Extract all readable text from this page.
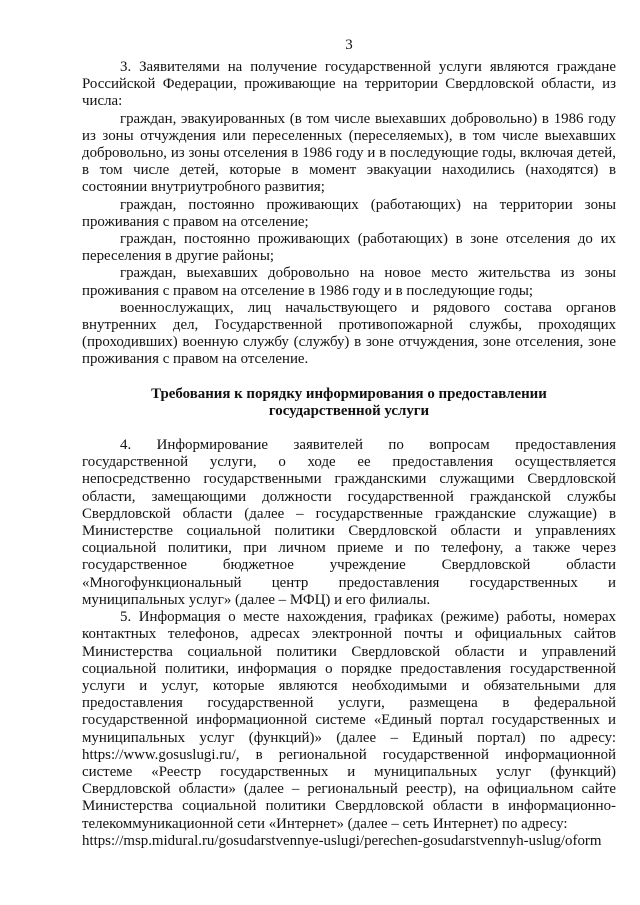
3

3. Заявителями на получение государственной услуги являются граждане Российской Федерации, проживающие на территории Свердловской области, из числа:

граждан, эвакуированных (в том числе выехавших добровольно) в 1986 году из зоны отчуждения или переселенных (переселяемых), в том числе выехавших добровольно, из зоны отселения в 1986 году и в последующие годы, включая детей, в том числе детей, которые в момент эвакуации находились (находятся) в состоянии внутриутробного развития;

граждан, постоянно проживающих (работающих) на территории зоны проживания с правом на отселение;

граждан, постоянно проживающих (работающих) в зоне отселения до их переселения в другие районы;

граждан, выехавших добровольно на новое место жительства из зоны проживания с правом на отселение в 1986 году и в последующие годы;

военнослужащих, лиц начальствующего и рядового состава органов внутренних дел, Государственной противопожарной службы, проходящих (проходивших) военную службу (службу) в зоне отчуждения, зоне отселения, зоне проживания с правом на отселение.

Требования к порядку информирования о предоставлении государственной услуги

4. Информирование заявителей по вопросам предоставления государственной услуги, о ходе ее предоставления осуществляется непосредственно государственными гражданскими служащими Свердловской области, замещающими должности государственной гражданской службы Свердловской области (далее – государственные гражданские служащие) в Министерстве социальной политики Свердловской области и управлениях социальной политики, при личном приеме и по телефону, а также через государственное бюджетное учреждение Свердловской области «Многофункциональный центр предоставления государственных и муниципальных услуг» (далее – МФЦ) и его филиалы.

5. Информация о месте нахождения, графиках (режиме) работы, номерах контактных телефонов, адресах электронной почты и официальных сайтов Министерства социальной политики Свердловской области и управлений социальной политики, информация о порядке предоставления государственной услуги и услуг, которые являются необходимыми и обязательными для предоставления государственной услуги, размещена в федеральной государственной информационной системе «Единый портал государственных и муниципальных услуг (функций)» (далее – Единый портал) по адресу: https://www.gosuslugi.ru/, в региональной государственной информационной системе «Реестр государственных и муниципальных услуг (функций) Свердловской области» (далее – региональный реестр), на официальном сайте Министерства социальной политики Свердловской области в информационно-телекоммуникационной сети «Интернет» (далее – сеть Интернет) по адресу:

https://msp.midural.ru/gosudarstvennye-uslugi/perechen-gosudarstvennyh-uslug/oform
